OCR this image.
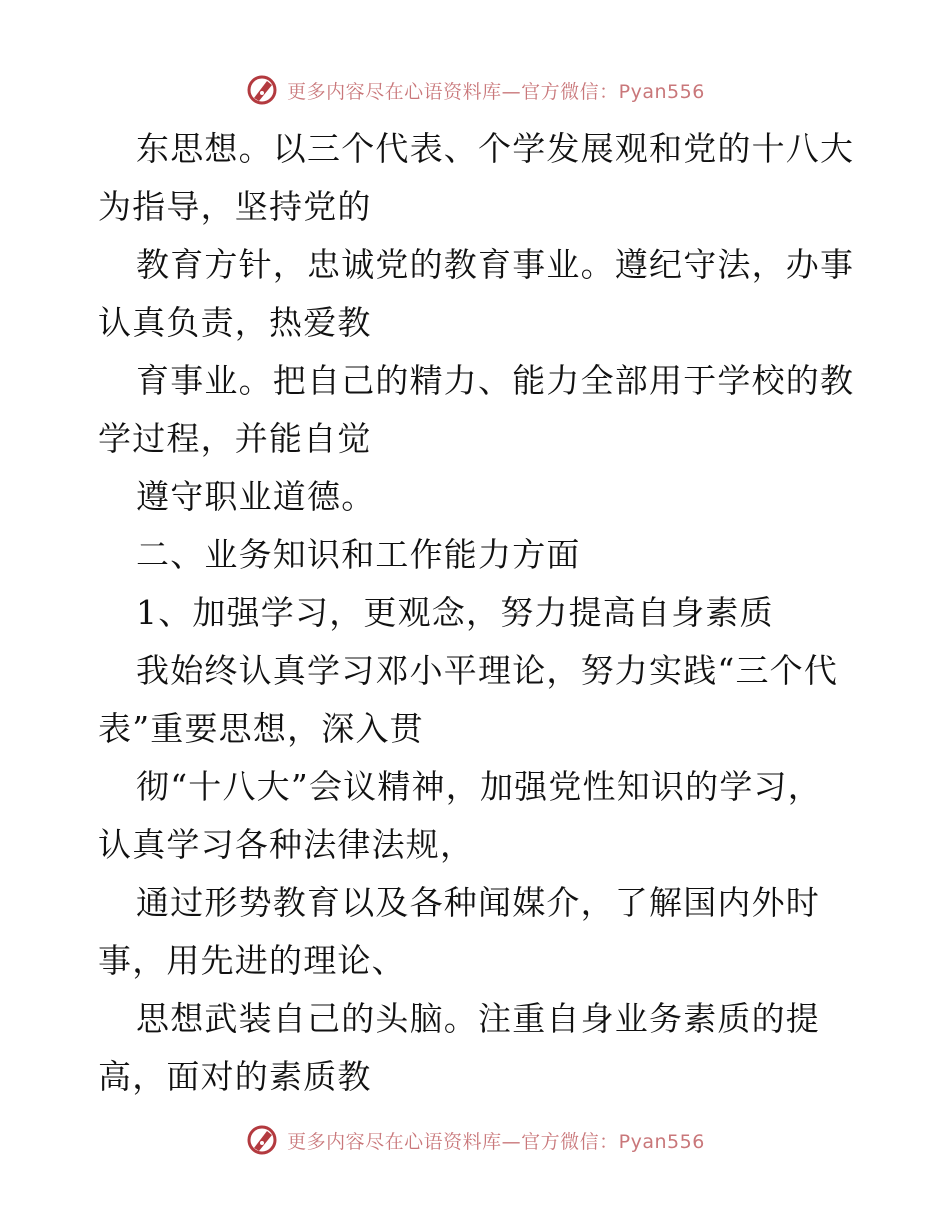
更多内容尽在心语资料库—官方微信：Pyan556

东思想。以三个代表、个学发展观和党的十八大
为指导，坚持党的

教育方针，忠诚党的教育事业。遵纪守法，办事
认真负责，热爱教

育事业。把自己的精力、能力全部用于学校的教
学过程，并能自觉

遵守职业道德。

二、业务知识和工作能力方面

1、加强学习，更观念，努力提高自身素质

我始终认真学习邓小平理论，努力实践“三个代
表”重要思想，深入贯

彻“十八大”会议精神，加强党性知识的学习，
认真学习各种法律法规，

通过形势教育以及各种闻媒介，了解国内外时
事，用先进的理论、

思想武装自己的头脑。注重自身业务素质的提
高，面对的素质教

更多内容尽在心语资料库—官方微信：Pyan556
